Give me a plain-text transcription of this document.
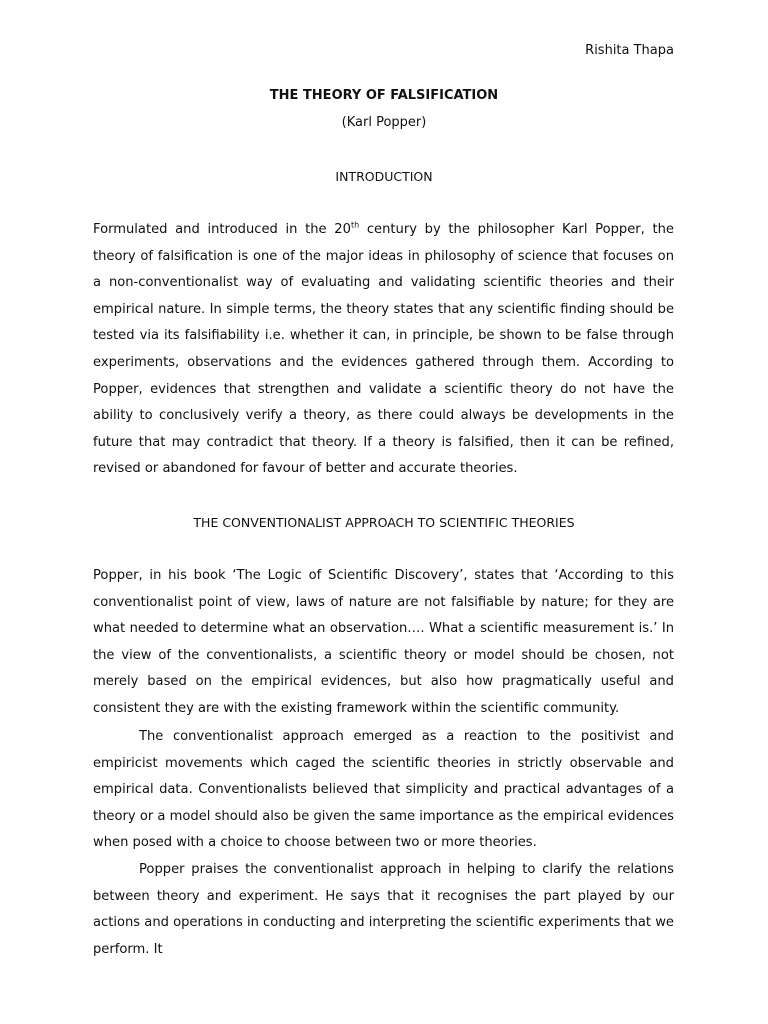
Rishita Thapa
THE THEORY OF FALSIFICATION
(Karl Popper)
INTRODUCTION

Formulated and introduced in the 20th century by the philosopher Karl Popper, the theory of falsification is one of the major ideas in philosophy of science that focuses on a non-conventionalist way of evaluating and validating scientific theories and their empirical nature. In simple terms, the theory states that any scientific finding should be tested via its falsifiability i.e. whether it can, in principle, be shown to be false through experiments, observations and the evidences gathered through them. According to Popper, evidences that strengthen and validate a scientific theory do not have the ability to conclusively verify a theory, as there could always be developments in the future that may contradict that theory. If a theory is falsified, then it can be refined, revised or abandoned for favour of better and accurate theories.

THE CONVENTIONALIST APPROACH TO SCIENTIFIC THEORIES

Popper, in his book ‘The Logic of Scientific Discovery’, states that ‘According to this conventionalist point of view, laws of nature are not falsifiable by nature; for they are what needed to determine what an observation…. What a scientific measurement is.’ In the view of the conventionalists, a scientific theory or model should be chosen, not merely based on the empirical evidences, but also how pragmatically useful and consistent they are with the existing framework within the scientific community.

The conventionalist approach emerged as a reaction to the positivist and empiricist movements which caged the scientific theories in strictly observable and empirical data. Conventionalists believed that simplicity and practical advantages of a theory or a model should also be given the same importance as the empirical evidences when posed with a choice to choose between two or more theories.

Popper praises the conventionalist approach in helping to clarify the relations between theory and experiment. He says that it recognises the part played by our actions and operations in conducting and interpreting the scientific experiments that we perform. It
